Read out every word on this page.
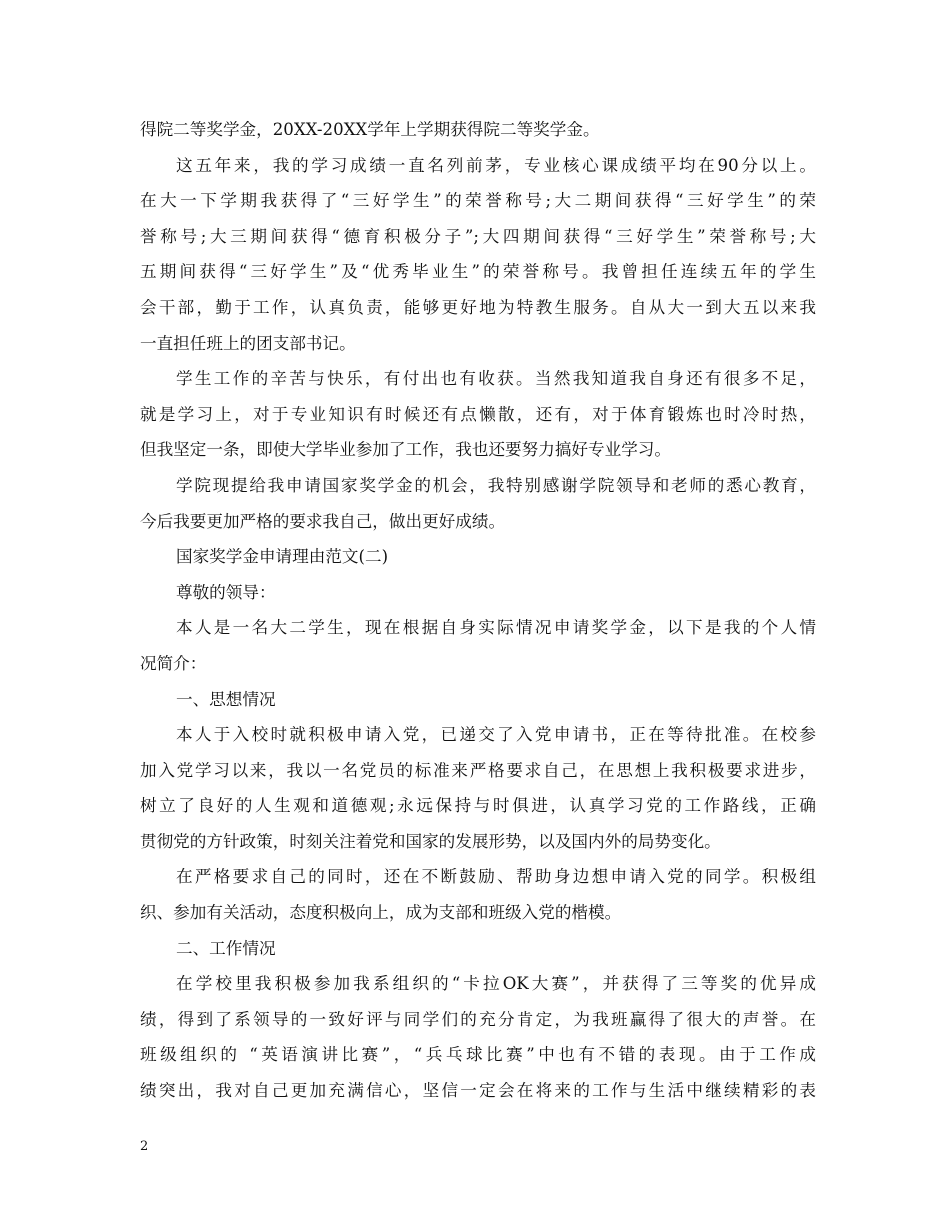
得院二等奖学金，20XX-20XX学年上学期获得院二等奖学金。
这五年来，我的学习成绩一直名列前茅，专业核心课成绩平均在90分以上。
在大一下学期我获得了“三好学生”的荣誉称号;大二期间获得“三好学生”的荣
誉称号;大三期间获得“德育积极分子”;大四期间获得“三好学生”荣誉称号;大
五期间获得“三好学生”及“优秀毕业生”的荣誉称号。我曾担任连续五年的学生
会干部，勤于工作，认真负责，能够更好地为特教生服务。自从大一到大五以来我
一直担任班上的团支部书记。
学生工作的辛苦与快乐，有付出也有收获。当然我知道我自身还有很多不足，
就是学习上，对于专业知识有时候还有点懒散，还有，对于体育锻炼也时冷时热，
但我坚定一条，即使大学毕业参加了工作，我也还要努力搞好专业学习。
学院现提给我申请国家奖学金的机会，我特别感谢学院领导和老师的悉心教育，
今后我要更加严格的要求我自己，做出更好成绩。
国家奖学金申请理由范文(二)
尊敬的领导：
本人是一名大二学生，现在根据自身实际情况申请奖学金，以下是我的个人情
况简介：
一、思想情况
本人于入校时就积极申请入党，已递交了入党申请书，正在等待批准。在校参
加入党学习以来，我以一名党员的标准来严格要求自己，在思想上我积极要求进步，
树立了良好的人生观和道德观;永远保持与时俱进，认真学习党的工作路线，正确
贯彻党的方针政策，时刻关注着党和国家的发展形势，以及国内外的局势变化。
在严格要求自己的同时，还在不断鼓励、帮助身边想申请入党的同学。积极组
织、参加有关活动，态度积极向上，成为支部和班级入党的楷模。
二、工作情况
在学校里我积极参加我系组织的“卡拉OK大赛”，并获得了三等奖的优异成
绩，得到了系领导的一致好评与同学们的充分肯定，为我班赢得了很大的声誉。在
班级组织的 “英语演讲比赛”，“兵乓球比赛”中也有不错的表现。由于工作成
绩突出，我对自己更加充满信心，坚信一定会在将来的工作与生活中继续精彩的表
2
